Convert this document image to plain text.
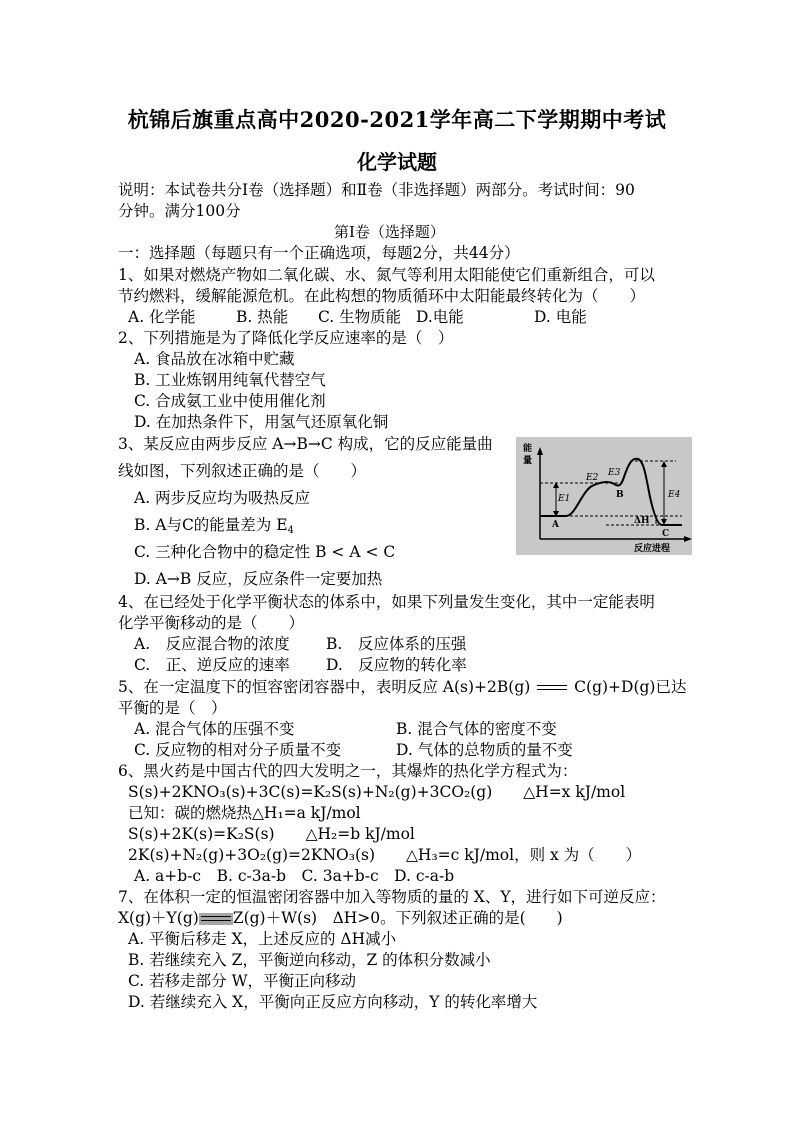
杭锦后旗重点高中2020-2021学年高二下学期期中考试
化学试题
说明：本试卷共分Ⅰ卷（选择题）和Ⅱ卷（非选择题）两部分。考试时间：90
分钟。满分100分
第Ⅰ卷（选择题）
一：选择题（每题只有一个正确选项，每题2分，共44分）
1、如果对燃烧产物如二氧化碳、水、氮气等利用太阳能使它们重新组合，可以
节约燃料，缓解能源危机。在此构想的物质循环中太阳能最终转化为（　　）
A. 化学能	B. 热能 C. 生物质能 D.电能	D. 电能
2、下列措施是为了降低化学反应速率的是（　）
A. 食品放在冰箱中贮藏
B. 工业炼钢用纯氧代替空气
C. 合成氨工业中使用催化剂
D. 在加热条件下，用氢气还原氧化铜
3、某反应由两步反应 A→B→C 构成，它的反应能量曲
线如图，下列叙述正确的是（　　）
A. 两步反应均为吸热反应
B. A与C的能量差为 $E_4$
C. 三种化合物中的稳定性 B < A < C
D. A→B 反应，反应条件一定要加热
能
量
反应进程
E1
E2 E3
E4
A
B
C
ΔH
4、在已经处于化学平衡状态的体系中，如果下列量发生变化，其中一定能表明
化学平衡移动的是（　　）
A.　反应混合物的浓度 B.　反应体系的压强
C.　正、逆反应的速率 D.　反应物的转化率
5、在一定温度下的恒容密闭容器中，表明反应 A(s)+2B(g)	C(g)+D(g)已达
平衡的是（　）
A. 混合气体的压强不变	B. 混合气体的密度不变
C. 反应物的相对分子质量不变	D. 气体的总物质的量不变
6、黑火药是中国古代的四大发明之一，其爆炸的热化学方程式为：
S(s)+2KNO₃(s)+3C(s)=K₂S(s)+N₂(g)+3CO₂(g)　　△H=x kJ/mol
已知：碳的燃烧热△H₁=a kJ/mol
S(s)+2K(s)=K₂S(s)　　△H₂=b kJ/mol
2K(s)+N₂(g)+3O₂(g)=2KNO₃(s)　　△H₃=c kJ/mol，则 x 为（　　）
A. a+b-c　B. c-3a-b　C. 3a+b-c　D. c-a-b
7、在体积一定的恒温密闭容器中加入等物质的量的 X、Y，进行如下可逆反应：
X(g)＋Y(g) Z(g)＋W(s)　ΔH>0。下列叙述正确的是(　　)
A. 平衡后移走 X，上述反应的 ΔH减小
B. 若继续充入 Z，平衡逆向移动，Z 的体积分数减小
C. 若移走部分 W，平衡正向移动
D. 若继续充入 X，平衡向正反应方向移动，Y 的转化率增大
